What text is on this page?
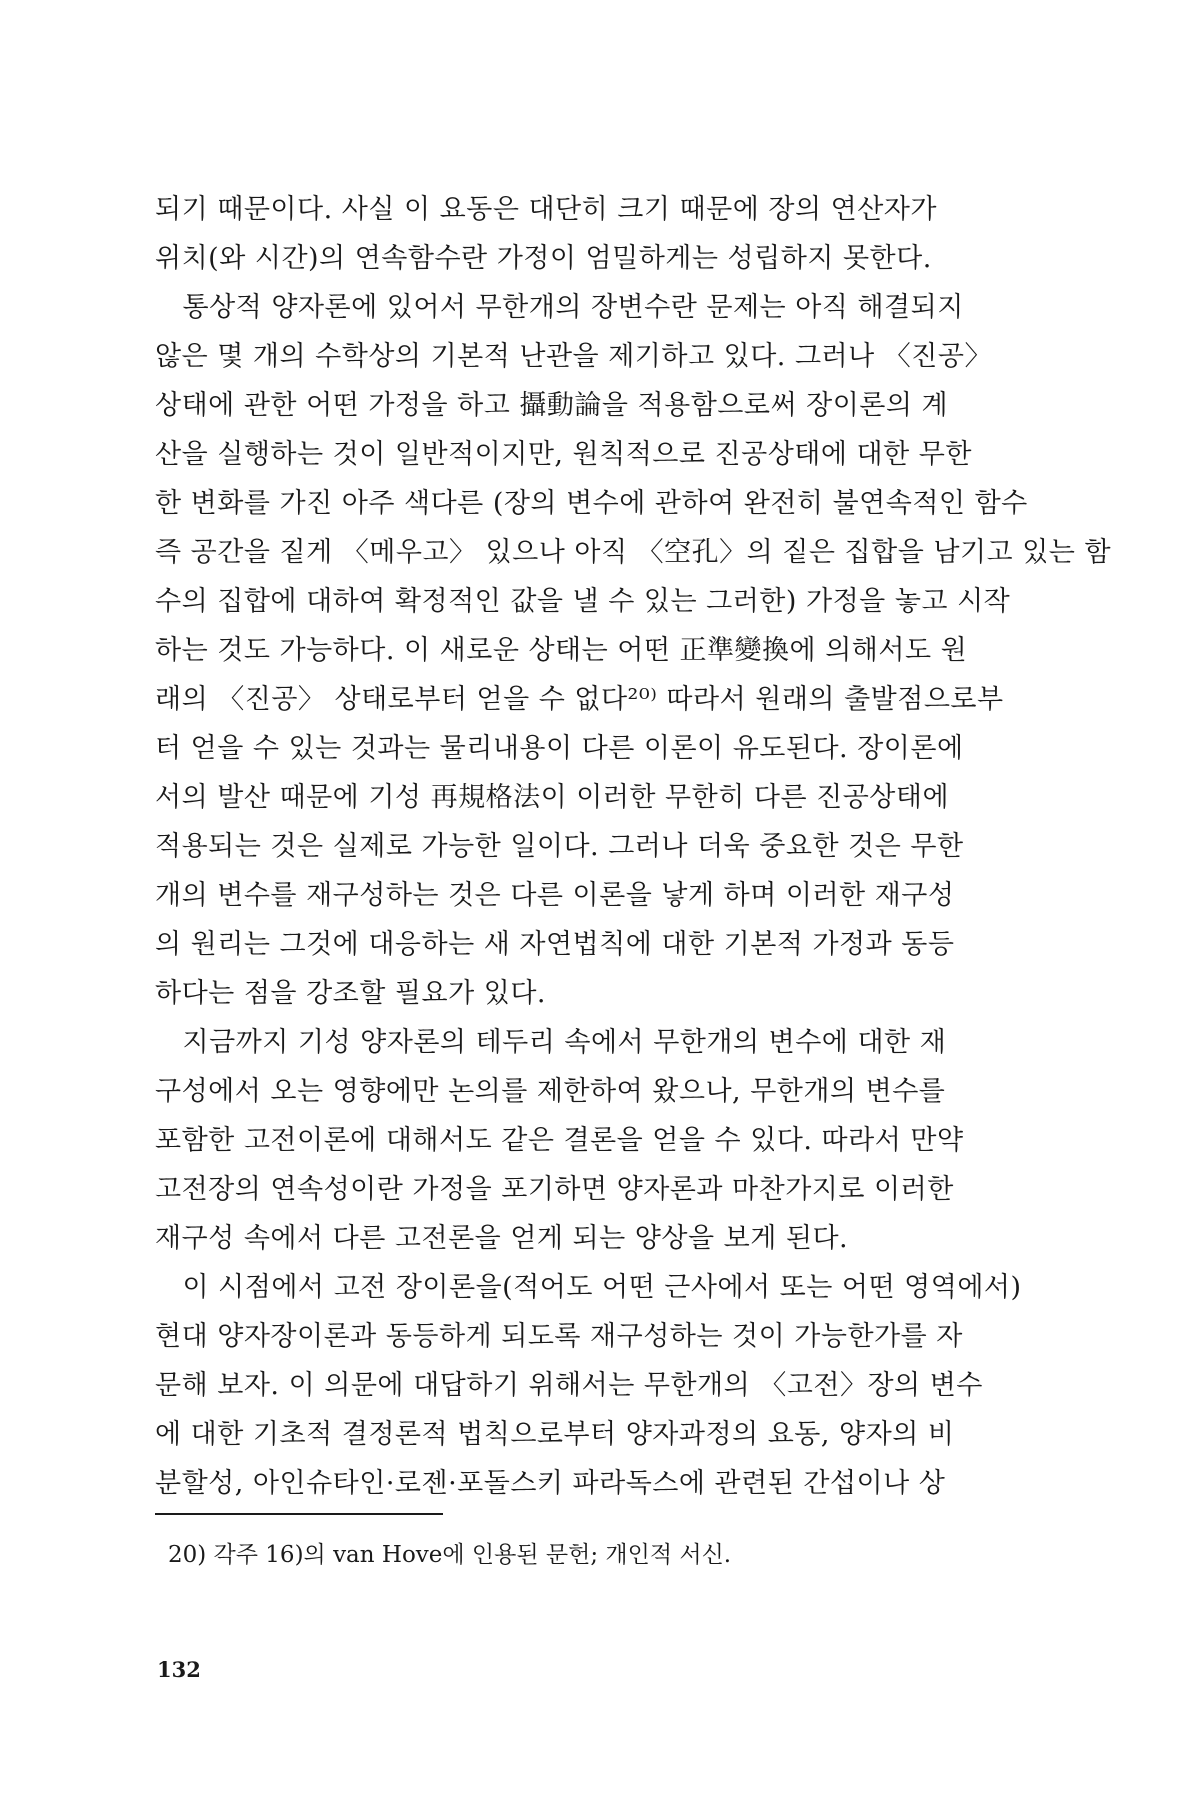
되기 때문이다. 사실 이 요동은 대단히 크기 때문에 장의 연산자가
위치(와 시간)의 연속함수란 가정이 엄밀하게는 성립하지 못한다.
　통상적 양자론에 있어서 무한개의 장변수란 문제는 아직 해결되지
않은 몇 개의 수학상의 기본적 난관을 제기하고 있다. 그러나 〈진공〉
상태에 관한 어떤 가정을 하고 攝動論을 적용함으로써 장이론의 계
산을 실행하는 것이 일반적이지만, 원칙적으로 진공상태에 대한 무한
한 변화를 가진 아주 색다른 (장의 변수에 관하여 완전히 불연속적인 함수
즉 공간을 짙게 〈메우고〉 있으나 아직 〈空孔〉의 짙은 집합을 남기고 있는 함
수의 집합에 대하여 확정적인 값을 낼 수 있는 그러한) 가정을 놓고 시작
하는 것도 가능하다. 이 새로운 상태는 어떤 正準變換에 의해서도 원
래의 〈진공〉 상태로부터 얻을 수 없다²⁰⁾ 따라서 원래의 출발점으로부
터 얻을 수 있는 것과는 물리내용이 다른 이론이 유도된다. 장이론에
서의 발산 때문에 기성 再規格法이 이러한 무한히 다른 진공상태에
적용되는 것은 실제로 가능한 일이다. 그러나 더욱 중요한 것은 무한
개의 변수를 재구성하는 것은 다른 이론을 낳게 하며 이러한 재구성
의 원리는 그것에 대응하는 새 자연법칙에 대한 기본적 가정과 동등
하다는 점을 강조할 필요가 있다.
　지금까지 기성 양자론의 테두리 속에서 무한개의 변수에 대한 재
구성에서 오는 영향에만 논의를 제한하여 왔으나, 무한개의 변수를
포함한 고전이론에 대해서도 같은 결론을 얻을 수 있다. 따라서 만약
고전장의 연속성이란 가정을 포기하면 양자론과 마찬가지로 이러한
재구성 속에서 다른 고전론을 얻게 되는 양상을 보게 된다.
　이 시점에서 고전 장이론을(적어도 어떤 근사에서 또는 어떤 영역에서)
현대 양자장이론과 동등하게 되도록 재구성하는 것이 가능한가를 자
문해 보자. 이 의문에 대답하기 위해서는 무한개의 〈고전〉장의 변수
에 대한 기초적 결정론적 법칙으로부터 양자과정의 요동, 양자의 비
분할성, 아인슈타인·로젠·포돌스키 파라독스에 관련된 간섭이나 상
20) 각주 16)의 van Hove에 인용된 문헌; 개인적 서신.
132
